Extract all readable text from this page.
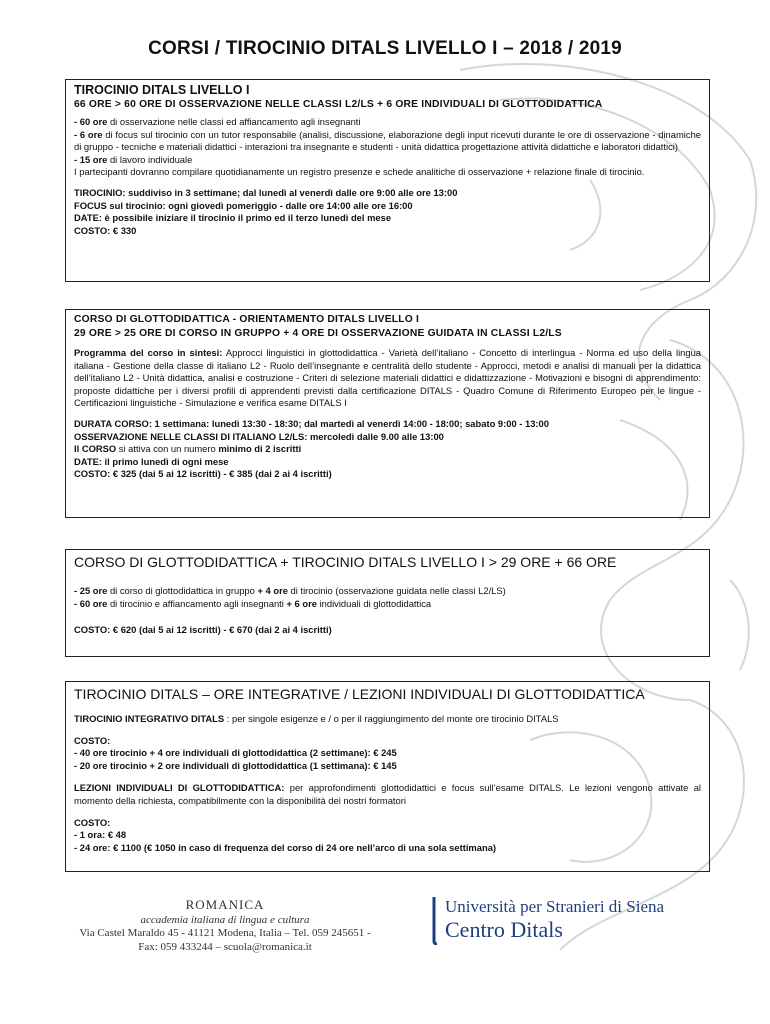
CORSI / TIROCINIO DITALS LIVELLO I – 2018 / 2019
TIROCINIO DITALS LIVELLO I
66 ORE > 60 ORE DI OSSERVAZIONE NELLE CLASSI L2/LS + 6 ORE INDIVIDUALI DI GLOTTODIDATTICA

- 60 ore di osservazione nelle classi ed affiancamento agli insegnanti

- 6 ore di focus sul tirocinio con un tutor responsabile (analisi, discussione, elaborazione degli input ricevuti durante le ore di osservazione - dinamiche di gruppo - tecniche e materiali didattici - interazioni tra insegnante e studenti - unità didattica progettazione attività didattiche e laboratori didattici)

- 15 ore di lavoro individuale

I partecipanti dovranno compilare quotidianamente un registro presenze e schede analitiche di osservazione + relazione finale di tirocinio.

TIROCINIO: suddiviso in 3 settimane; dal lunedì al venerdì dalle ore 9:00 alle ore 13:00

FOCUS sul tirocinio: ogni giovedì pomeriggio - dalle ore 14:00 alle ore 16:00

DATE: è possibile iniziare il tirocinio il primo ed il terzo lunedì del mese

COSTO: € 330

CORSO DI GLOTTODIDATTICA - ORIENTAMENTO DITALS LIVELLO I
29 ORE > 25 ORE DI CORSO IN GRUPPO + 4 ORE DI OSSERVAZIONE GUIDATA IN CLASSI L2/LS

Programma del corso in sintesi: Approcci linguistici in glottodidattica - Varietà dell’italiano - Concetto di interlingua - Norma ed uso della lingua italiana - Gestione della classe di italiano L2 - Ruolo dell’insegnante e centralità dello studente - Approcci, metodi e analisi di manuali per la didattica dell’italiano L2 - Unità didattica, analisi e costruzione - Criteri di selezione materiali didattici e didattizzazione - Motivazioni e bisogni di apprendimento: proposte didattiche per i diversi profili di apprendenti previsti dalla certificazione DITALS - Quadro Comune di Riferimento Europeo per le lingue - Certificazioni linguistiche - Simulazione e verifica esame DITALS I

DURATA CORSO: 1 settimana: lunedì 13:30 - 18:30; dal martedì al venerdì 14:00 - 18:00; sabato 9:00 - 13:00

OSSERVAZIONE NELLE CLASSI DI ITALIANO L2/LS: mercoledì dalle 9.00 alle 13:00

Il CORSO si attiva con un numero minimo di 2 iscritti

DATE: il primo lunedì di ogni mese

COSTO: € 325 (dai 5 ai 12 iscritti) - € 385 (dai 2 ai 4 iscritti)

CORSO DI GLOTTODIDATTICA + TIROCINIO DITALS LIVELLO I > 29 ORE + 66 ORE

- 25 ore di corso di glottodidattica in gruppo + 4 ore di tirocinio (osservazione guidata nelle classi L2/LS)

- 60 ore di tirocinio e affiancamento agli insegnanti + 6 ore individuali di glottodidattica

COSTO: € 620 (dai 5 ai 12 iscritti) - € 670 (dai 2 ai 4 iscritti)

TIROCINIO DITALS – ORE INTEGRATIVE / LEZIONI INDIVIDUALI DI GLOTTODIDATTICA

TIROCINIO INTEGRATIVO DITALS : per singole esigenze e / o per il raggiungimento del monte ore tirocinio DITALS

COSTO:

- 40 ore tirocinio + 4 ore individuali di glottodidattica (2 settimane): € 245

- 20 ore tirocinio + 2 ore individuali di glottodidattica (1 settimana): € 145

LEZIONI INDIVIDUALI DI GLOTTODIDATTICA: per approfondimenti glottodidattici e focus sull’esame DITALS. Le lezioni vengono attivate al momento della richiesta, compatibilmente con la disponibilità dei nostri formatori

COSTO:

- 1 ora: € 48

- 24 ore: € 1100 (€ 1050 in caso di frequenza del corso di 24 ore nell’arco di una sola settimana)

ROMANICA
accademia italiana di lingua e cultura
Via Castel Maraldo 45 - 41121 Modena, Italia – Tel. 059 245651 -
Fax: 059 433244 – scuola@romanica.it
Università per Stranieri di Siena
Centro Ditals
